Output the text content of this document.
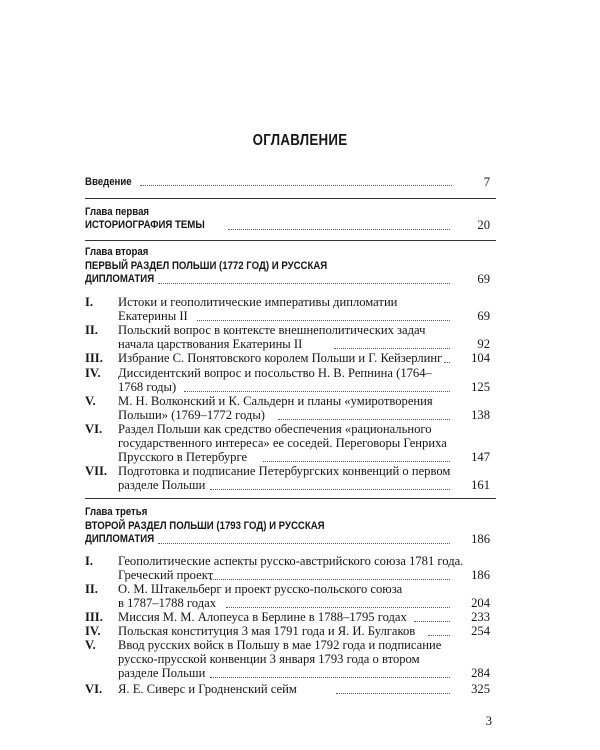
ОГЛАВЛЕНИЕ
Введение	7
Глава первая
ИСТОРИОГРАФИЯ ТЕМЫ	20
Глава вторая
ПЕРВЫЙ РАЗДЕЛ ПОЛЬШИ (1772 ГОД) И РУССКАЯ
ДИПЛОМАТИЯ	69
I. Истоки и геополитические императивы дипломатии
Екатерины II	69
II. Польский вопрос в контексте внешнеполитических задач
начала царствования Екатерины II	92
III. Избрание С. Понятовского королем Польши и Г. Кейзерлинг	104
IV. Диссидентский вопрос и посольство Н. В. Репнина (1764–
1768 годы)	125
V. М. Н. Волконский и К. Сальдерн и планы «умиротворения
Польши» (1769–1772 годы)	138
VI. Раздел Польши как средство обеспечения «рационального
государственного интереса» ее соседей. Переговоры Генриха
Прусского в Петербурге	147
VII. Подготовка и подписание Петербургских конвенций о первом
разделе Польши	161
Глава третья
ВТОРОЙ РАЗДЕЛ ПОЛЬШИ (1793 ГОД) И РУССКАЯ
ДИПЛОМАТИЯ	186
I. Геополитические аспекты русско-австрийского союза 1781 года.
Греческий проект	186
II. О. М. Штакельберг и проект русско-польского союза
в 1787–1788 годах	204
III. Миссия М. М. Алопеуса в Берлине в 1788–1795 годах	233
IV. Польская конституция 3 мая 1791 года и Я. И. Булгаков	254
V. Ввод русских войск в Польшу в мае 1792 года и подписание
русско-прусской конвенции 3 января 1793 года о втором
разделе Польши	284
VI. Я. Е. Сиверс и Гродненский сейм	325
3
